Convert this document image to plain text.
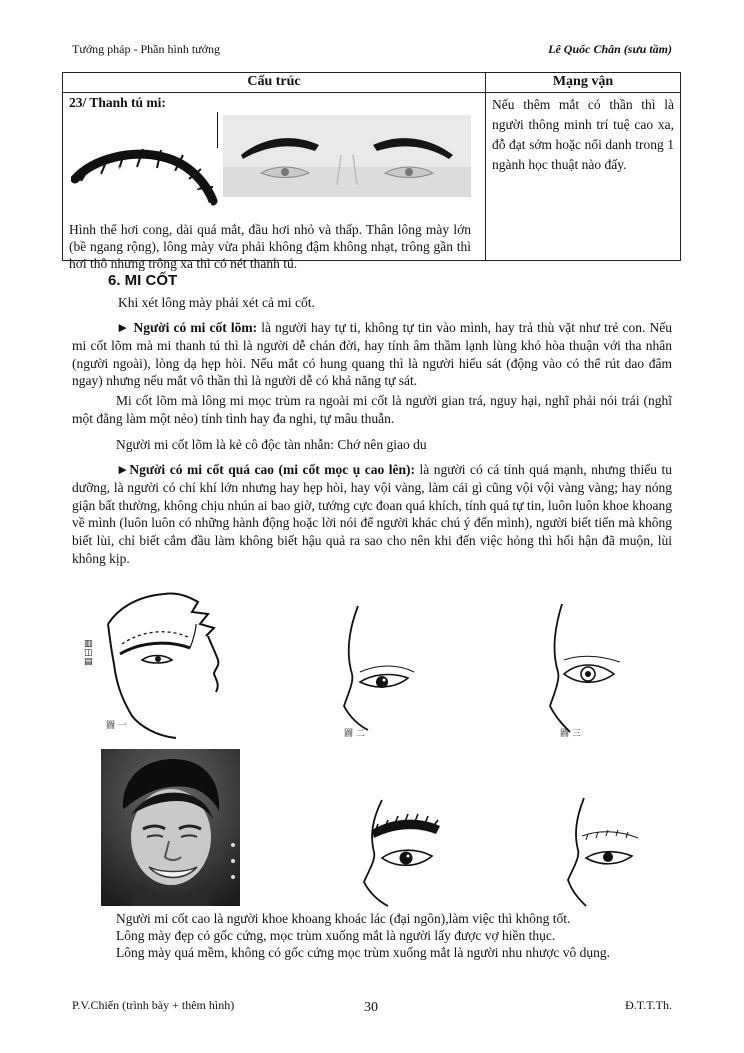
Tướng pháp - Phần hình tướng	Lê Quốc Chân (sưu tầm)
Cấu trúc	Mạng vận

23/ Thanh tú mi:
Hình thể hơi cong, dài quá mắt, đầu hơi nhỏ và thấp. Thân lông mày lớn (bề ngang rộng), lông mày vừa phải không đậm không nhạt, trông gần thì hơi thô nhưng trông xa thì có nét thanh tú.	Nếu thêm mắt có thần thì là người thông minh trí tuệ cao xa, đỗ đạt sớm hoặc nổi danh trong 1 ngành học thuật nào đấy.
6. MI CỐT

Khi xét lông mày phải xét cả mi cốt.

► Người có mi cốt lõm: là người hay tự ti, không tự tin vào mình, hay trả thù vặt như trẻ con. Nếu mi cốt lõm mà mi thanh tú thì là người dễ chán đời, hay tính âm thầm lạnh lùng khó hòa thuận với tha nhân (người ngoài), lòng dạ hẹp hòi. Nếu mắt có hung quang thì là người hiếu sát (động vào có thể rút dao đâm ngay) nhưng nếu mắt vô thần thì là người dễ có khả năng tự sát.

Mi cốt lõm mà lông mi mọc trùm ra ngoài mi cốt là người gian trá, nguy hại, nghĩ phải nói trái (nghĩ một đằng làm một nẻo) tính tình hay đa nghi, tự mâu thuẫn.

Người mi cốt lõm là kẻ cô độc tàn nhẫn: Chớ nên giao du

►Người có mi cốt quá cao (mi cốt mọc ụ cao lên): là người có cá tính quá mạnh, nhưng thiếu tu dưỡng, là người có chí khí lớn nhưng hay hẹp hòi, hay vội vàng, làm cái gì cũng vội vội vàng vàng; hay nóng giận bất thường, không chịu nhún ai bao giờ, tướng cực đoan quá khích, tính quá tự tin, luôn luôn khoe khoang về mình (luôn luôn có những hành động hoặc lời nói để người khác chú ý đến mình), người biết tiến mà không biết lùi, chỉ biết cắm đầu làm không biết hậu quả ra sao cho nên khi đến việc hỏng thì hối hận đã muộn, lùi không kịp.

▥
◫
▤
圖 一
圖 二	圖 三
Người mi cốt cao là người khoe khoang khoác lác (đại ngôn),làm việc thì không tốt.
Lông mày đẹp có gốc cứng, mọc trùm xuống mắt là người lấy được vợ hiền thục.
Lông mày quá mềm, không có gốc cứng mọc trùm xuống mắt là người nhu nhược vô dụng.
P.V.Chiến (trình bày + thêm hình)	30	Đ.T.T.Th.
